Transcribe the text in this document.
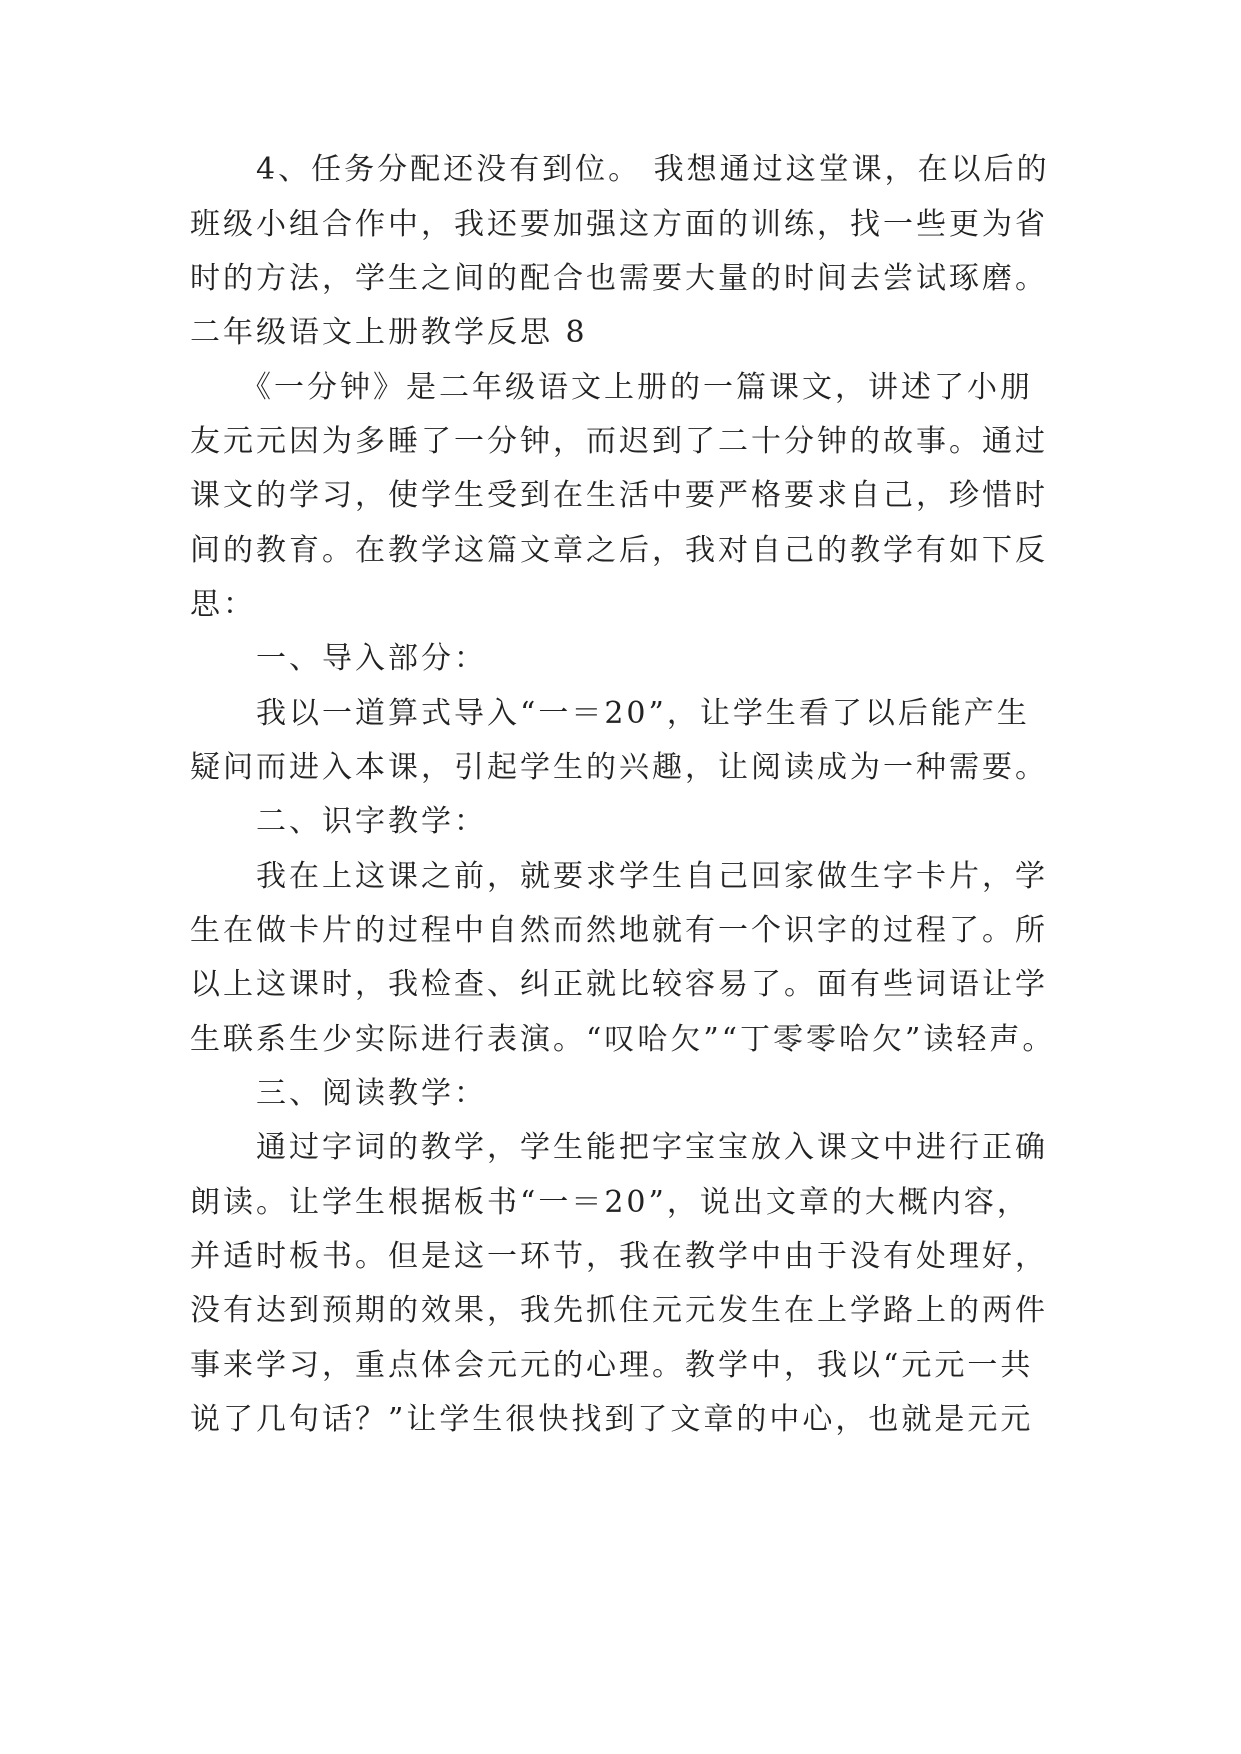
　　4、任务分配还没有到位。 我想通过这堂课，在以后的
班级小组合作中，我还要加强这方面的训练，找一些更为省
时的方法，学生之间的配合也需要大量的时间去尝试琢磨。
二年级语文上册教学反思 8
　　《一分钟》是二年级语文上册的一篇课文，讲述了小朋
友元元因为多睡了一分钟，而迟到了二十分钟的故事。通过
课文的学习，使学生受到在生活中要严格要求自己，珍惜时
间的教育。在教学这篇文章之后，我对自己的教学有如下反
思：
　　一、导入部分：
　　我以一道算式导入“一＝20”，让学生看了以后能产生
疑问而进入本课，引起学生的兴趣，让阅读成为一种需要。
　　二、识字教学：
　　我在上这课之前，就要求学生自己回家做生字卡片，学
生在做卡片的过程中自然而然地就有一个识字的过程了。所
以上这课时，我检查、纠正就比较容易了。面有些词语让学
生联系生少实际进行表演。“叹哈欠”“丁零零哈欠”读轻声。
　　三、阅读教学：
　　通过字词的教学，学生能把字宝宝放入课文中进行正确
朗读。让学生根据板书“一＝20”，说出文章的大概内容，
并适时板书。但是这一环节，我在教学中由于没有处理好，
没有达到预期的效果，我先抓住元元发生在上学路上的两件
事来学习，重点体会元元的心理。教学中，我以“元元一共
说了几句话？”让学生很快找到了文章的中心，也就是元元
